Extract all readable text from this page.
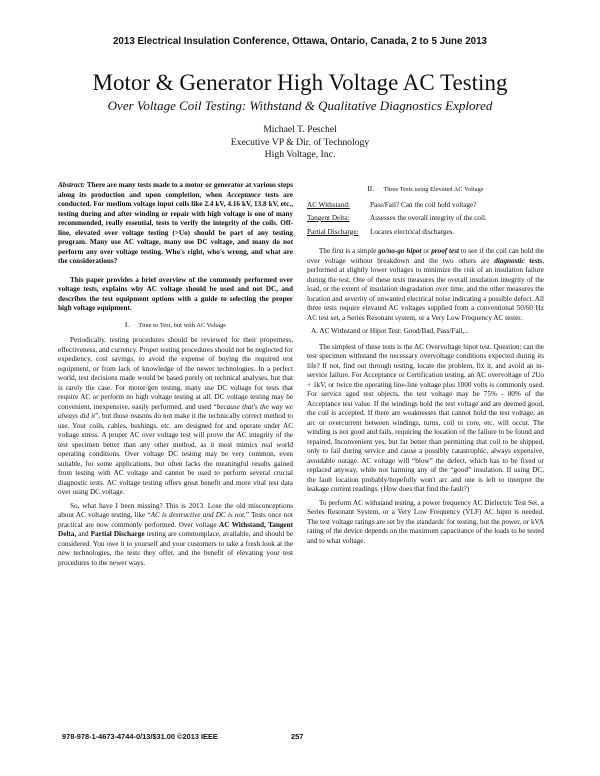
2013 Electrical Insulation Conference, Ottawa, Ontario, Canada, 2 to 5 June 2013
Motor & Generator High Voltage AC Testing
Over Voltage Coil Testing: Withstand & Qualitative Diagnostics Explored
Michael T. Peschel
Executive VP & Dir. of Technology
High Voltage, Inc.

Abstract: There are many tests made to a motor or generator at various steps along its production and upon completion, when Acceptance tests are conducted. For medium voltage input coils like 2.4 kV, 4.16 kV, 13.8 kV, etc., testing during and after winding or repair with high voltage is one of many recommended, really essential, tests to verify the integrity of the coils. Off-line, elevated over voltage testing (>Uo) should be part of any testing program. Many use AC voltage, many use DC voltage, and many do not perform any over voltage testing. Who's right, who's wrong, and what are the considerations?

This paper provides a brief overview of the commonly performed over voltage tests, explains why AC voltage should be used and not DC, and describes the test equipment options with a guide to selecting the proper high voltage equipment.

I. Time to Test, but with AC Voltage

Periodically, testing procedures should be reviewed for their properness, effectiveness, and currency. Proper testing procedures should not be neglected for expediency, cost savings, to avoid the expense of buying the required test equipment, or from lack of knowledge of the newer technologies. In a perfect world, test decisions made would be based purely on technical analyses, but that is rarely the case. For motor/gen testing, many use DC voltage for tests that require AC or perform no high voltage testing at all. DC voltage testing may be convenient, inexpensive, easily performed, and used “because that's the way we always did it”, but those reasons do not make it the technically correct method to use. Your coils, cables, bushings, etc. are designed for and operate under AC voltage stress. A proper AC over voltage test will prove the AC integrity of the test specimen better than any other method, as it most mimics real world operating conditions. Over voltage DC testing may be very common, even suitable, for some applications, but often lacks the meaningful results gained from testing with AC voltage and cannot be used to perform several crucial diagnostic tests. AC voltage testing offers great benefit and more vital test data over using DC voltage.

So, what have I been missing? This is 2013. Lose the old misconceptions about AC voltage testing, like “AC is destructive and DC is not.” Tests once not practical are now commonly performed. Over voltage AC Withstand, Tangent Delta, and Partial Discharge testing are commonplace, available, and should be considered. You owe it to yourself and your customers to take a fresh look at the new technologies, the tests they offer, and the benefit of elevating your test procedures to the newer ways.

II. Three Tests using Elevated AC Voltage
AC Withstand:	Pass/Fail? Can the coil hold voltage?
Tangent Delta:	Assesses the overall integrity of the coil.
Partial Discharge:	Locates electrical discharges.

The first is a simple go/no-go hipot or proof test to see if the coil can hold the over voltage without breakdown and the two others are diagnostic tests, performed at slightly lower voltages to minimize the risk of an insulation failure during the test. One of these tests measures the overall insulation integrity of the load, or the extent of insulation degradation over time, and the other measures the location and severity of unwanted electrical noise indicating a possible defect. All three tests require elevated AC voltages supplied from a conventional 50/60 Hz AC test set, a Series Resonant system, or a Very Low Frequency AC tester.

A. AC Withstand or Hipot Test: Good/Bad, Pass/Fail,..

The simplest of these tests is the AC Overvoltage hipot test. Question: can the test specimen withstand the necessary overvoltage conditions expected during its life? If not, find out through testing, locate the problem, fix it, and avoid an in-service failure. For Acceptance or Certification testing, an AC overvoltage of 2Uo + 1kV, or twice the operating line-line voltage plus 1000 volts is commonly used. For service aged test objects, the test voltage may be 75% - 80% of the Acceptance test value. If the windings hold the test voltage and are deemed good, the coil is accepted. If there are weaknesses that cannot hold the test voltage, an arc or overcurrent between windings, turns, coil to core, etc. will occur. The winding is not good and fails, requiring the location of the failure to be found and repaired. Inconvenient yes, but far better than permitting that coil to be shipped, only to fail during service and cause a possibly catastrophic, always expensive, avoidable outage. AC voltage will “blow” the defect, which has to be fixed or replaced anyway, while not harming any of the “good” insulation. If using DC, the fault location probably/hopefully won't arc and one is left to interpret the leakage current readings. (How does that find the fault?)

To perform AC withstand testing, a power frequency AC Dielectric Test Set, a Series Resonant System, or a Very Low Frequency (VLF) AC hipot is needed. The test voltage ratings are set by the standards' for testing, but the power, or kVA rating of the device depends on the maximum capacitance of the loads to be tested and to what voltage.

978-978-1-4673-4744-0/13/$31.00 ©2013 IEEE	257
